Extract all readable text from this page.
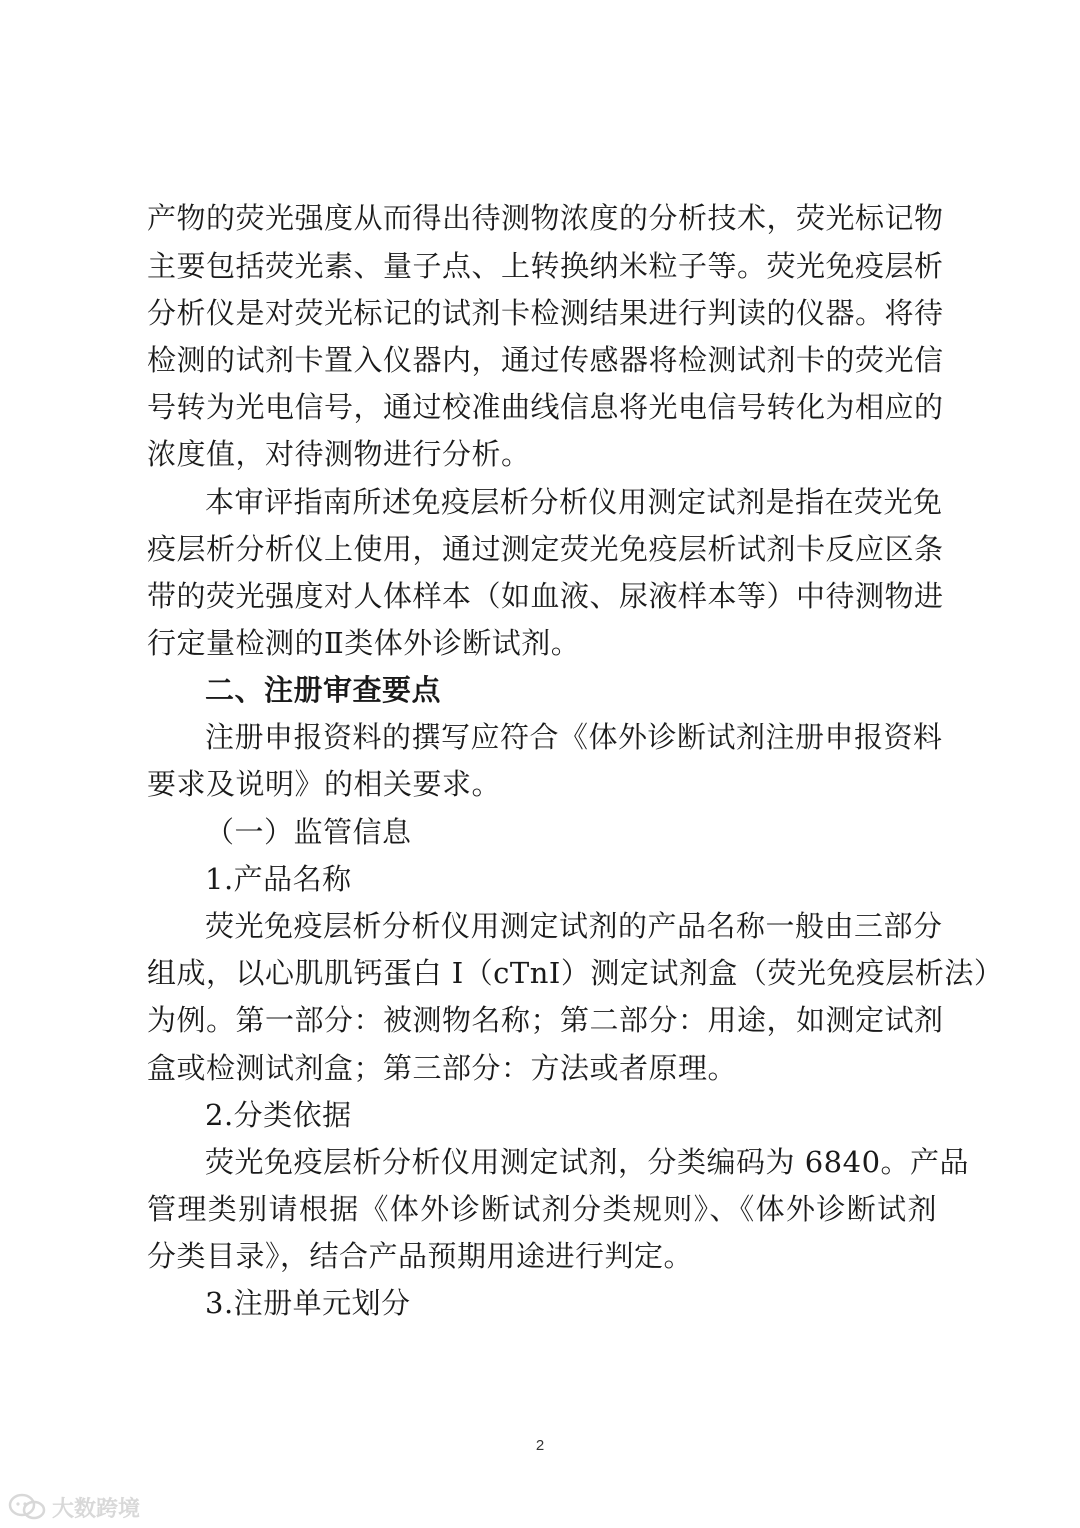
产物的荧光强度从而得出待测物浓度的分析技术，荧光标记物
主要包括荧光素、量子点、上转换纳米粒子等。荧光免疫层析
分析仪是对荧光标记的试剂卡检测结果进行判读的仪器。将待
检测的试剂卡置入仪器内，通过传感器将检测试剂卡的荧光信
号转为光电信号，通过校准曲线信息将光电信号转化为相应的
浓度值，对待测物进行分析。
本审评指南所述免疫层析分析仪用测定试剂是指在荧光免
疫层析分析仪上使用，通过测定荧光免疫层析试剂卡反应区条
带的荧光强度对人体样本（如血液、尿液样本等）中待测物进
行定量检测的Ⅱ类体外诊断试剂。
二、注册审查要点
注册申报资料的撰写应符合《体外诊断试剂注册申报资料
要求及说明》的相关要求。
（一）监管信息
1.产品名称
荧光免疫层析分析仪用测定试剂的产品名称一般由三部分
组成，以心肌肌钙蛋白 I（cTnI）测定试剂盒（荧光免疫层析法）
为例。第一部分：被测物名称；第二部分：用途，如测定试剂
盒或检测试剂盒；第三部分：方法或者原理。
2.分类依据
荧光免疫层析分析仪用测定试剂，分类编码为 6840。产品
管理类别请根据《体外诊断试剂分类规则》、《体外诊断试剂
分类目录》，结合产品预期用途进行判定。
3.注册单元划分
2
大数跨境
